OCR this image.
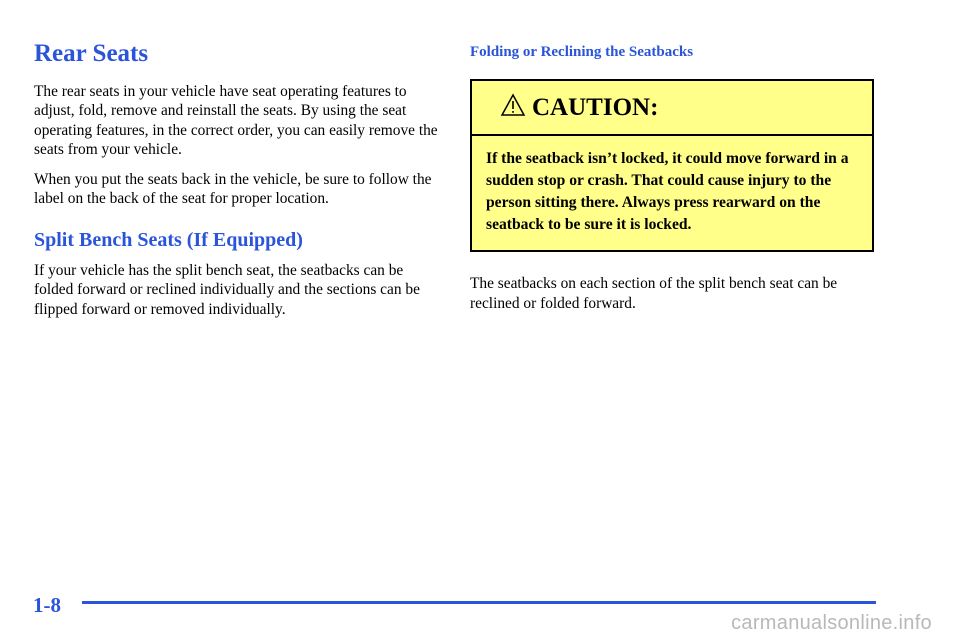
Rear Seats

The rear seats in your vehicle have seat operating features to adjust, fold, remove and reinstall the seats. By using the seat operating features, in the correct order, you can easily remove the seats from your vehicle.

When you put the seats back in the vehicle, be sure to follow the label on the back of the seat for proper location.

Split Bench Seats (If Equipped)

If your vehicle has the split bench seat, the seatbacks can be folded forward or reclined individually and the sections can be flipped forward or removed individually.

Folding or Reclining the Seatbacks
CAUTION:

If the seatback isn’t locked, it could move forward in a sudden stop or crash. That could cause injury to the person sitting there. Always press rearward on the seatback to be sure it is locked.

The seatbacks on each section of the split bench seat can be reclined or folded forward.

1-8
carmanualsonline.info
